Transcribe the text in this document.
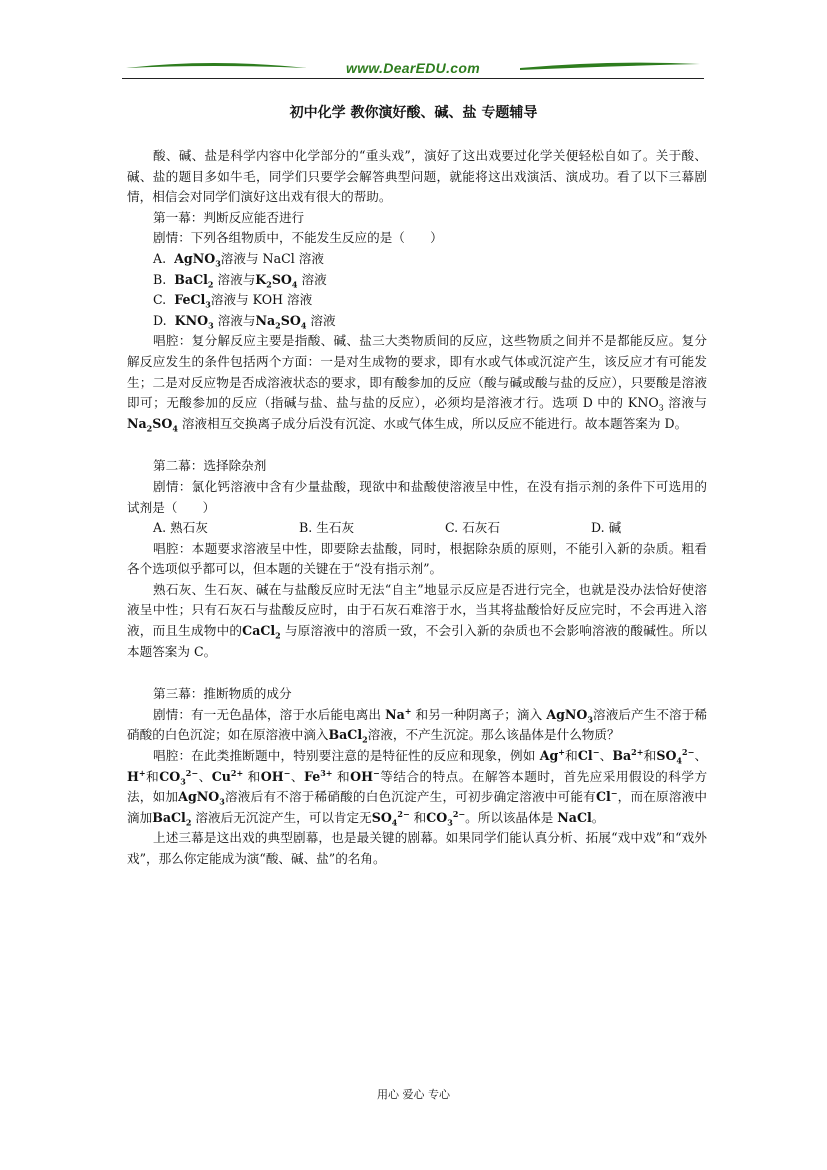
www.DearEDU.com
初中化学 教你演好酸、碱、盐 专题辅导

酸、碱、盐是科学内容中化学部分的“重头戏”，演好了这出戏要过化学关便轻松自如了。关于酸、碱、盐的题目多如牛毛，同学们只要学会解答典型问题，就能将这出戏演活、演成功。看了以下三幕剧情，相信会对同学们演好这出戏有很大的帮助。

第一幕：判断反应能否进行

剧情：下列各组物质中，不能发生反应的是（　　）

A. AgNO$_3$溶液与 NaCl 溶液

B. BaCl$_2$ 溶液与$K_2SO_4$ 溶液

C. FeCl$_3$溶液与 KOH 溶液

D. $KNO_3$ 溶液与$Na_2SO_4$ 溶液

唱腔：复分解反应主要是指酸、碱、盐三大类物质间的反应，这些物质之间并不是都能反应。复分解反应发生的条件包括两个方面：一是对生成物的要求，即有水或气体或沉淀产生，该反应才有可能发生；二是对反应物是否成溶液状态的要求，即有酸参加的反应（酸与碱或酸与盐的反应），只要酸是溶液即可；无酸参加的反应（指碱与盐、盐与盐的反应），必须均是溶液才行。选项 D 中的 $KNO_3$ 溶液与$Na_2SO_4$ 溶液相互交换离子成分后没有沉淀、水或气体生成，所以反应不能进行。故本题答案为 D。

第二幕：选择除杂剂

剧情：氯化钙溶液中含有少量盐酸，现欲中和盐酸使溶液呈中性，在没有指示剂的条件下可选用的试剂是（　　）

A. 熟石灰	B. 生石灰	C. 石灰石	D. 碱

唱腔：本题要求溶液呈中性，即要除去盐酸，同时，根据除杂质的原则，不能引入新的杂质。粗看各个选项似乎都可以，但本题的关键在于“没有指示剂”。

熟石灰、生石灰、碱在与盐酸反应时无法“自主”地显示反应是否进行完全，也就是没办法恰好使溶液呈中性；只有石灰石与盐酸反应时，由于石灰石难溶于水，当其将盐酸恰好反应完时，不会再进入溶液，而且生成物中的CaCl$_2$ 与原溶液中的溶质一致，不会引入新的杂质也不会影响溶液的酸碱性。所以本题答案为 C。

第三幕：推断物质的成分

剧情：有一无色晶体，溶于水后能电离出 Na+ 和另一种阴离子；滴入 AgNO$_3$溶液后产生不溶于稀硝酸的白色沉淀；如在原溶液中滴入BaCl$_2$溶液，不产生沉淀。那么该晶体是什么物质？

唱腔：在此类推断题中，特别要注意的是特征性的反应和现象，例如 Ag+和Cl−、$Ba^{2+}$和$SO_4^{2-}$、H+和$CO_3^{2-}$、$Cu^{2+}$ 和OH−、$Fe^{3+}$ 和OH−等结合的特点。在解答本题时，首先应采用假设的科学方法，如加AgNO$_3$溶液后有不溶于稀硝酸的白色沉淀产生，可初步确定溶液中可能有Cl−，而在原溶液中滴加BaCl$_2$ 溶液后无沉淀产生，可以肯定无$SO_4^{2-}$ 和$CO_3^{2-}$。所以该晶体是 NaCl。

上述三幕是这出戏的典型剧幕，也是最关键的剧幕。如果同学们能认真分析、拓展“戏中戏”和“戏外戏”，那么你定能成为演“酸、碱、盐”的名角。

用心 爱心 专心
